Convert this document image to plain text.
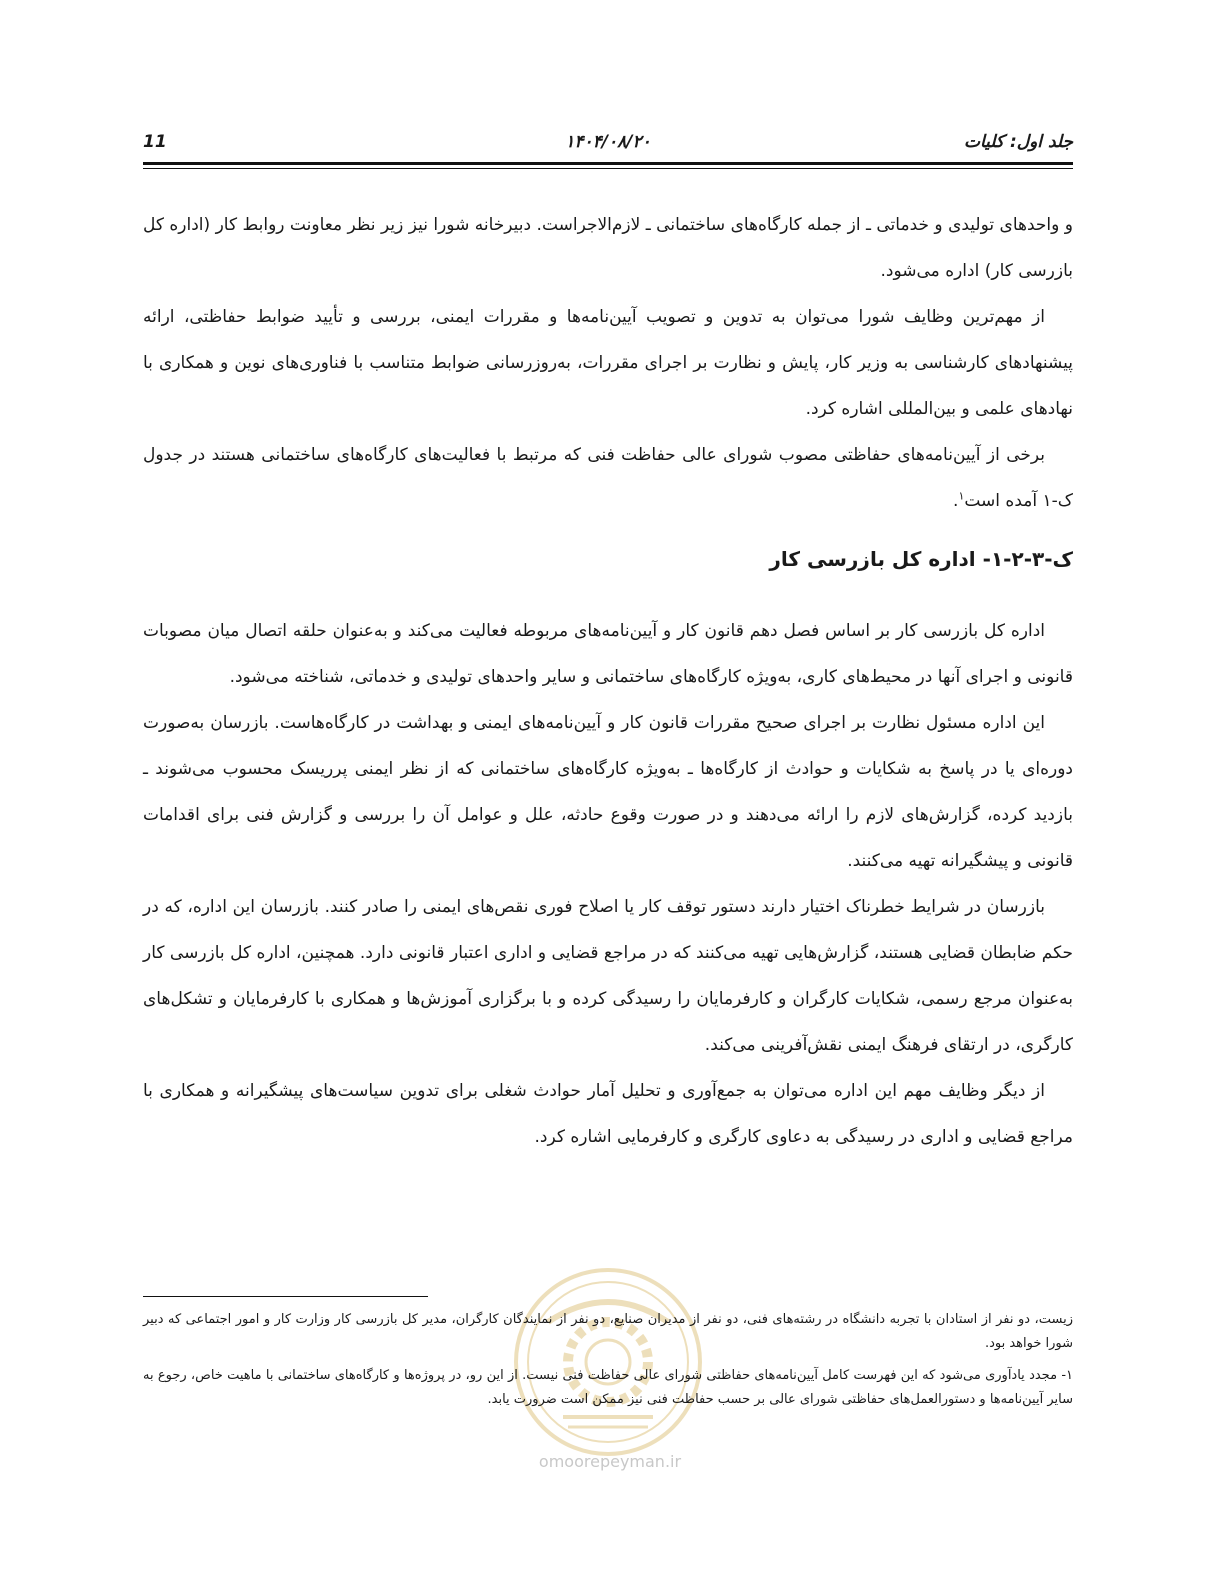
جلد اول: کلیات
۱۴۰۴/۰۸/۲۰
11

و واحدهای تولیدی و خدماتی ـ از جمله کارگاه‌های ساختمانی ـ لازم‌الاجراست. دبیرخانه شورا نیز زیر نظر معاونت روابط کار (اداره کل بازرسی کار) اداره می‌شود.

از مهم‌ترین وظایف شورا می‌توان به تدوین و تصویب آیین‌نامه‌ها و مقررات ایمنی، بررسی و تأیید ضوابط حفاظتی، ارائه پیشنهادهای کارشناسی به وزیر کار، پایش و نظارت بر اجرای مقررات، به‌روزرسانی ضوابط متناسب با فناوری‌های نوین و همکاری با نهادهای علمی و بین‌المللی اشاره کرد.

برخی از آیین‌نامه‌های حفاظتی مصوب شورای عالی حفاظت فنی که مرتبط با فعالیت‌های کارگاه‌های ساختمانی هستند در جدول ک-۱ آمده است$^۱$.

ک-۳-۲-۱- اداره کل بازرسی کار

اداره کل بازرسی کار بر اساس فصل دهم قانون کار و آیین‌نامه‌های مربوطه فعالیت می‌کند و به‌عنوان حلقه اتصال میان مصوبات قانونی و اجرای آنها در محیط‌های کاری، به‌ویژه کارگاه‌های ساختمانی و سایر واحدهای تولیدی و خدماتی، شناخته می‌شود.

این اداره مسئول نظارت بر اجرای صحیح مقررات قانون کار و آیین‌نامه‌های ایمنی و بهداشت در کارگاه‌هاست. بازرسان به‌صورت دوره‌ای یا در پاسخ به شکایات و حوادث از کارگاه‌ها ـ به‌ویژه کارگاه‌های ساختمانی که از نظر ایمنی پرریسک محسوب می‌شوند ـ بازدید کرده، گزارش‌های لازم را ارائه می‌دهند و در صورت وقوع حادثه، علل و عوامل آن را بررسی و گزارش فنی برای اقدامات قانونی و پیشگیرانه تهیه می‌کنند.

بازرسان در شرایط خطرناک اختیار دارند دستور توقف کار یا اصلاح فوری نقص‌های ایمنی را صادر کنند. بازرسان این اداره، که در حکم ضابطان قضایی هستند، گزارش‌هایی تهیه می‌کنند که در مراجع قضایی و اداری اعتبار قانونی دارد. همچنین، اداره کل بازرسی کار به‌عنوان مرجع رسمی، شکایات کارگران و کارفرمایان را رسیدگی کرده و با برگزاری آموزش‌ها و همکاری با کارفرمایان و تشکل‌های کارگری، در ارتقای فرهنگ ایمنی نقش‌آفرینی می‌کند.

از دیگر وظایف مهم این اداره می‌توان به جمع‌آوری و تحلیل آمار حوادث شغلی برای تدوین سیاست‌های پیشگیرانه و همکاری با مراجع قضایی و اداری در رسیدگی به دعاوی کارگری و کارفرمایی اشاره کرد.

omoorepeyman.ir

زیست، دو نفر از استادان با تجربه دانشگاه در رشته‌های فنی، دو نفر از مدیران صنایع، دو نفر از نمایندگان کارگران، مدیر کل بازرسی کار وزارت کار و امور اجتماعی که دبیر شورا خواهد بود.

۱- مجدد یادآوری می‌شود که این فهرست کامل آیین‌نامه‌های حفاظتی شورای عالی حفاظت فنی نیست. از این رو، در پروژه‌ها و کارگاه‌های ساختمانی با ماهیت خاص، رجوع به سایر آیین‌نامه‌ها و دستورالعمل‌های حفاظتی شورای عالی بر حسب حفاظت فنی نیز ممکن است ضرورت یابد.
